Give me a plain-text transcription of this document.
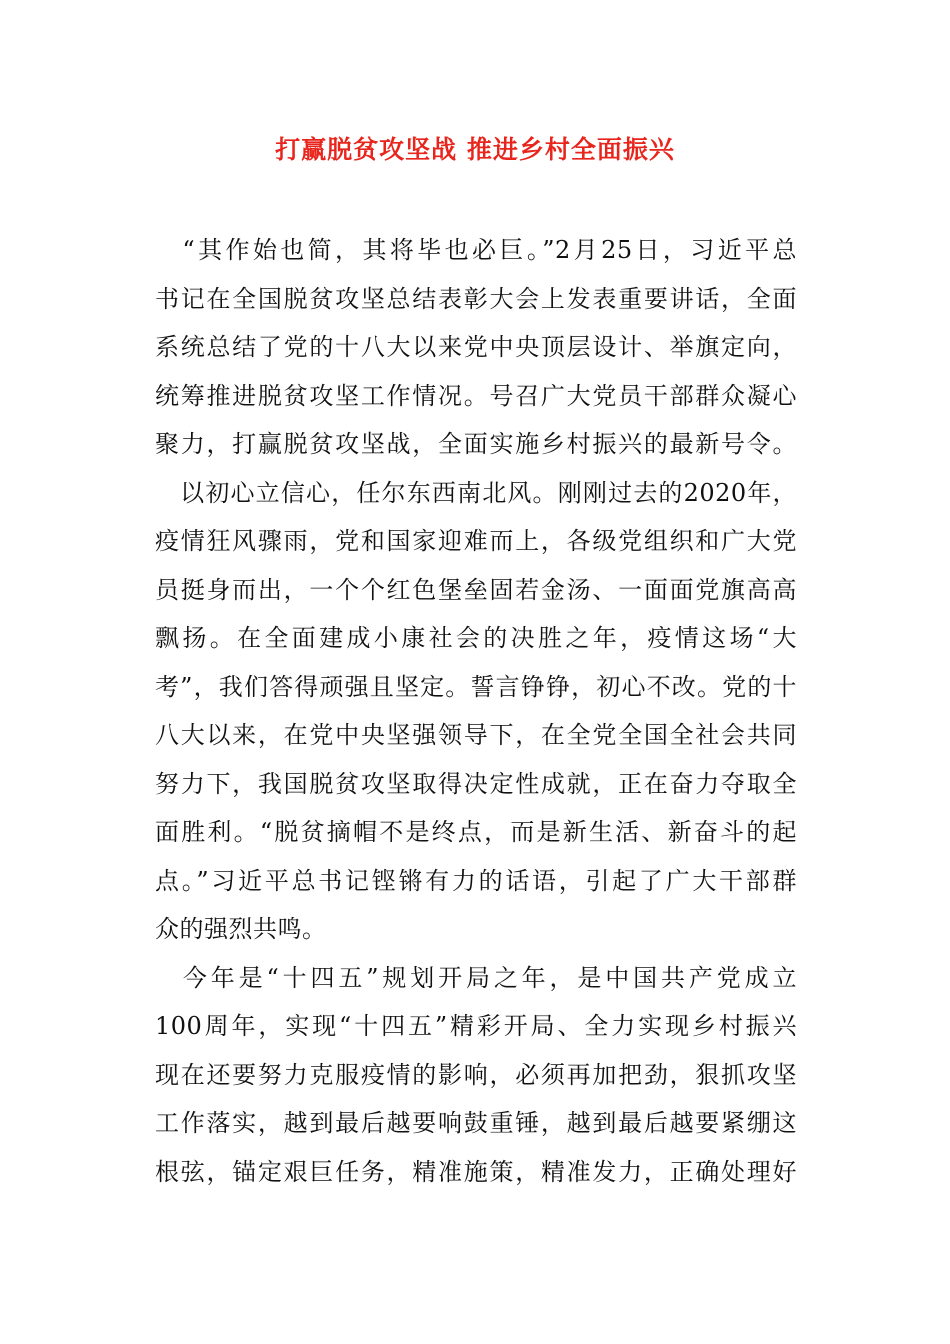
打赢脱贫攻坚战 推进乡村全面振兴
　“其作始也简，其将毕也必巨。”2月25日，习近平总
书记在全国脱贫攻坚总结表彰大会上发表重要讲话，全面
系统总结了党的十八大以来党中央顶层设计、举旗定向，
统筹推进脱贫攻坚工作情况。号召广大党员干部群众凝心
聚力，打赢脱贫攻坚战，全面实施乡村振兴的最新号令。
　以初心立信心，任尔东西南北风。刚刚过去的2020年，
疫情狂风骤雨，党和国家迎难而上，各级党组织和广大党
员挺身而出，一个个红色堡垒固若金汤、一面面党旗高高
飘扬。在全面建成小康社会的决胜之年，疫情这场“大
考”，我们答得顽强且坚定。誓言铮铮，初心不改。党的十
八大以来，在党中央坚强领导下，在全党全国全社会共同
努力下，我国脱贫攻坚取得决定性成就，正在奋力夺取全
面胜利。“脱贫摘帽不是终点，而是新生活、新奋斗的起
点。”习近平总书记铿锵有力的话语，引起了广大干部群
众的强烈共鸣。
　今年是“十四五”规划开局之年，是中国共产党成立
100周年，实现“十四五”精彩开局、全力实现乡村振兴
现在还要努力克服疫情的影响，必须再加把劲，狠抓攻坚
工作落实，越到最后越要响鼓重锤，越到最后越要紧绷这
根弦，锚定艰巨任务，精准施策，精准发力，正确处理好
